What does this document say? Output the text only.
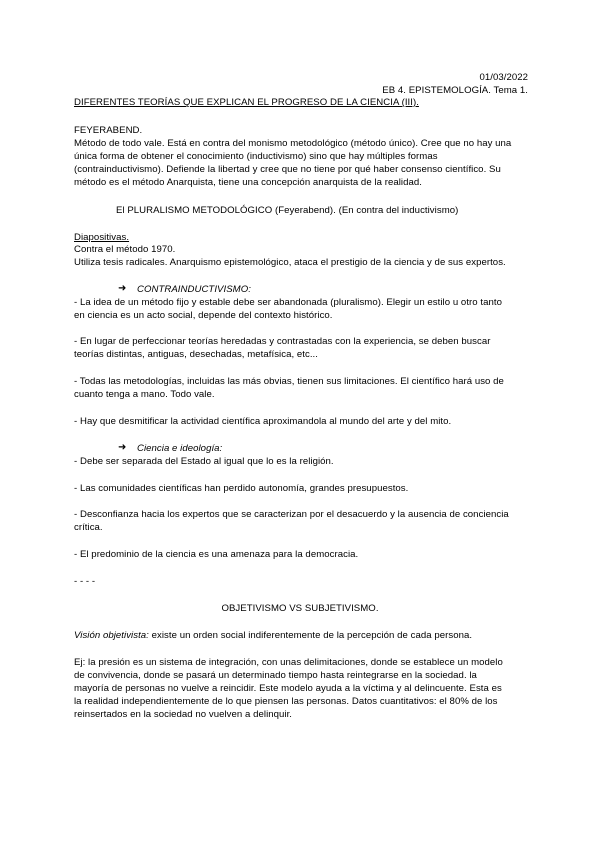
01/03/2022
EB 4. EPISTEMOLOGÍA. Tema 1.
DIFERENTES TEORÍAS QUE EXPLICAN EL PROGRESO DE LA CIENCIA (III).
FEYERABEND.
Método de todo vale. Está en contra del monismo metodológico (método único). Cree que no hay una
única forma de obtener el conocimiento (inductivismo) sino que hay múltiples formas
(contrainductivismo). Defiende la libertad y cree que no tiene por qué haber consenso científico. Su
método es el método Anarquista, tiene una concepción anarquista de la realidad.
El PLURALISMO METODOLÓGICO (Feyerabend). (En contra del inductivismo)
Diapositivas.
Contra el método 1970.
Utiliza tesis radicales. Anarquismo epistemológico, ataca el prestigio de la ciencia y de sus expertos.
➜ CONTRAINDUCTIVISMO:
- La idea de un método fijo y estable debe ser abandonada (pluralismo). Elegir un estilo u otro tanto
en ciencia es un acto social, depende del contexto histórico.
- En lugar de perfeccionar teorías heredadas y contrastadas con la experiencia, se deben buscar
teorías distintas, antiguas, desechadas, metafísica, etc...
- Todas las metodologías, incluidas las más obvias, tienen sus limitaciones. El científico hará uso de
cuanto tenga a mano. Todo vale.
- Hay que desmitificar la actividad científica aproximandola al mundo del arte y del mito.
➜ Ciencia e ideología:
- Debe ser separada del Estado al igual que lo es la religión.
- Las comunidades científicas han perdido autonomía, grandes presupuestos.
- Desconfianza hacia los expertos que se caracterizan por el desacuerdo y la ausencia de conciencia
crítica.
- El predominio de la ciencia es una amenaza para la democracia.
- - - -
OBJETIVISMO VS SUBJETIVISMO.
Visión objetivista: existe un orden social indiferentemente de la percepción de cada persona.
Ej: la presión es un sistema de integración, con unas delimitaciones, donde se establece un modelo
de convivencia, donde se pasará un determinado tiempo hasta reintegrarse en la sociedad. la
mayoría de personas no vuelve a reincidir. Este modelo ayuda a la víctima y al delincuente. Esta es
la realidad independientemente de lo que piensen las personas. Datos cuantitativos: el 80% de los
reinsertados en la sociedad no vuelven a delinquir.
